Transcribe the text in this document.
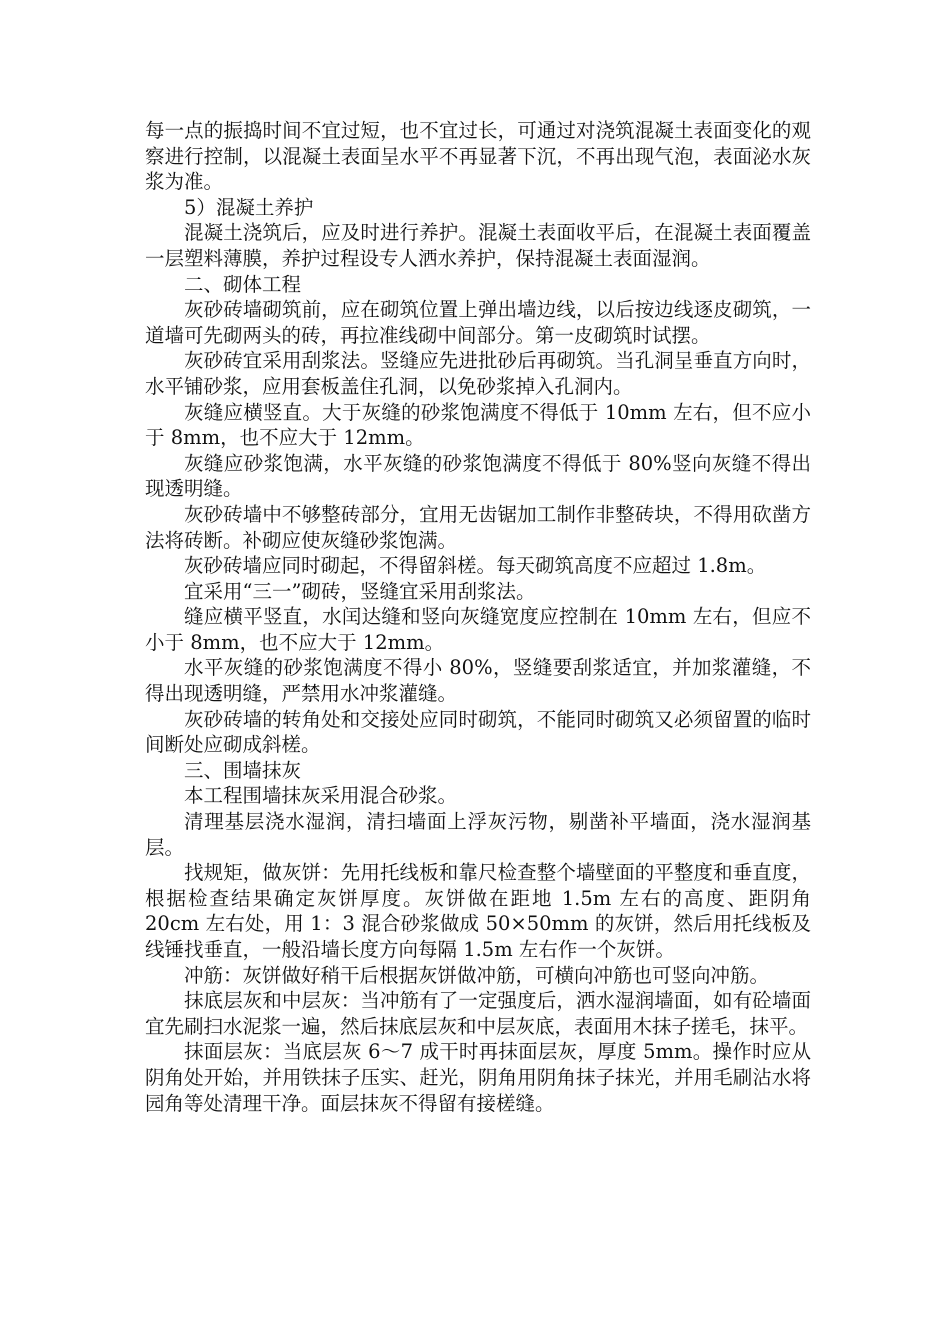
每一点的振捣时间不宜过短，也不宜过长，可通过对浇筑混凝土表面变化的观察进行控制，以混凝土表面呈水平不再显著下沉，不再出现气泡，表面泌水灰浆为准。

5）混凝土养护

混凝土浇筑后，应及时进行养护。混凝土表面收平后，在混凝土表面覆盖一层塑料薄膜，养护过程设专人洒水养护，保持混凝土表面湿润。

二、砌体工程

灰砂砖墙砌筑前，应在砌筑位置上弹出墙边线，以后按边线逐皮砌筑，一道墙可先砌两头的砖，再拉准线砌中间部分。第一皮砌筑时试摆。

灰砂砖宜采用刮浆法。竖缝应先进批砂后再砌筑。当孔洞呈垂直方向时，水平铺砂浆，应用套板盖住孔洞，以免砂浆掉入孔洞内。

灰缝应横竖直。大于灰缝的砂浆饱满度不得低于 10mm 左右，但不应小于 8mm，也不应大于 12mm。

灰缝应砂浆饱满，水平灰缝的砂浆饱满度不得低于 80%竖向灰缝不得出现透明缝。

灰砂砖墙中不够整砖部分，宜用无齿锯加工制作非整砖块，不得用砍凿方法将砖断。补砌应使灰缝砂浆饱满。

灰砂砖墙应同时砌起，不得留斜槎。每天砌筑高度不应超过 1.8m。

宜采用“三一”砌砖，竖缝宜采用刮浆法。

缝应横平竖直，水闰达缝和竖向灰缝宽度应控制在 10mm 左右，但应不小于 8mm，也不应大于 12mm。

水平灰缝的砂浆饱满度不得小 80%，竖缝要刮浆适宜，并加浆灌缝，不得出现透明缝，严禁用水冲浆灌缝。

灰砂砖墙的转角处和交接处应同时砌筑，不能同时砌筑又必须留置的临时间断处应砌成斜槎。

三、围墙抹灰

本工程围墙抹灰采用混合砂浆。

清理基层浇水湿润，清扫墙面上浮灰污物，剔凿补平墙面，浇水湿润基层。

找规矩，做灰饼：先用托线板和靠尺检查整个墙壁面的平整度和垂直度，根据检查结果确定灰饼厚度。灰饼做在距地 1.5m 左右的高度、距阴角 20cm 左右处，用 1：3 混合砂浆做成 50×50mm 的灰饼，然后用托线板及线锤找垂直，一般沿墙长度方向每隔 1.5m 左右作一个灰饼。

冲筋：灰饼做好稍干后根据灰饼做冲筋，可横向冲筋也可竖向冲筋。

抹底层灰和中层灰：当冲筋有了一定强度后，洒水湿润墙面，如有砼墙面宜先刷扫水泥浆一遍，然后抹底层灰和中层灰底，表面用木抹子搓毛，抹平。

抹面层灰：当底层灰 6～7 成干时再抹面层灰，厚度 5mm。操作时应从阴角处开始，并用铁抹子压实、赶光，阴角用阴角抹子抹光，并用毛刷沾水将园角等处清理干净。面层抹灰不得留有接槎缝。
